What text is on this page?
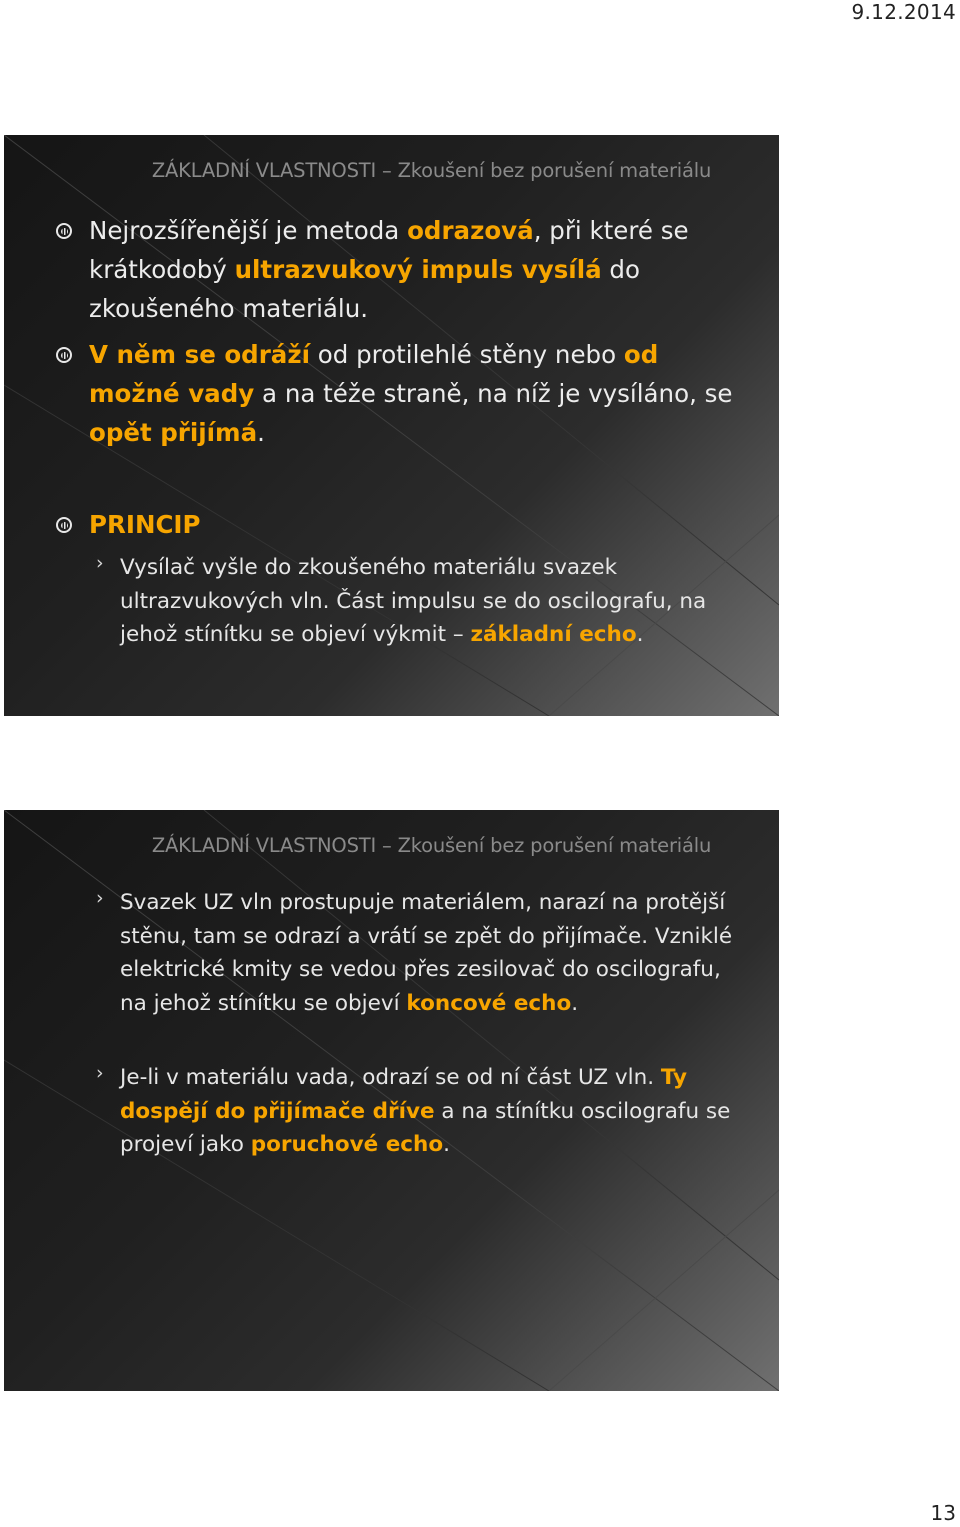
9.12.2014
ZÁKLADNÍ VLASTNOSTI – Zkoušení bez porušení materiálu
Nejrozšířenější je metoda odrazová, při které se krátkodobý ultrazvukový impuls vysílá do zkoušeného materiálu.
V něm se odráží od protilehlé stěny nebo od možné vady a na téže straně, na níž je vysíláno, se opět přijímá.
PRINCIP
› Vysílač vyšle do zkoušeného materiálu svazek ultrazvukových vln. Část impulsu se do oscilografu, na jehož stínítku se objeví výkmit – základní echo.
ZÁKLADNÍ VLASTNOSTI – Zkoušení bez porušení materiálu
› Svazek UZ vln prostupuje materiálem, narazí na protější stěnu, tam se odrazí a vrátí se zpět do přijímače. Vzniklé elektrické kmity se vedou přes zesilovač do oscilografu, na jehož stínítku se objeví koncové echo.
› Je-li v materiálu vada, odrazí se od ní část UZ vln. Ty dospějí do přijímače dříve a na stínítku oscilografu se projeví jako poruchové echo.
13
